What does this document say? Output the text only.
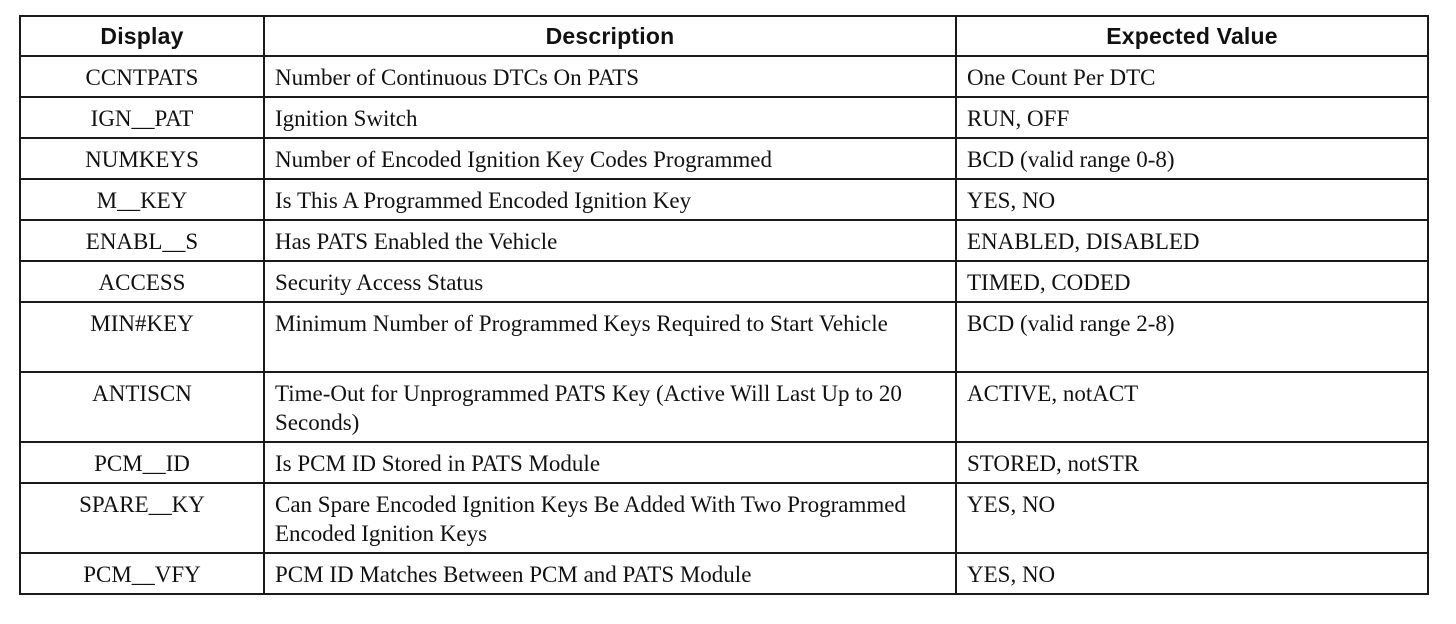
Display	Description	Expected Value
CCNTPATS	Number of Continuous DTCs On PATS	One Count Per DTC
IGN__PAT	Ignition Switch	RUN, OFF
NUMKEYS	Number of Encoded Ignition Key Codes Programmed	BCD (valid range 0-8)
M__KEY	Is This A Programmed Encoded Ignition Key	YES, NO
ENABL__S	Has PATS Enabled the Vehicle	ENABLED, DISABLED
ACCESS	Security Access Status	TIMED, CODED
MIN#KEY	Minimum Number of Programmed Keys Required to Start Vehicle	BCD (valid range 2-8)
ANTISCN	Time-Out for Unprogrammed PATS Key (Active Will Last Up to 20 Seconds)	ACTIVE, notACT
PCM__ID	Is PCM ID Stored in PATS Module	STORED, notSTR
SPARE__KY	Can Spare Encoded Ignition Keys Be Added With Two Programmed Encoded Ignition Keys	YES, NO
PCM__VFY	PCM ID Matches Between PCM and PATS Module	YES, NO
